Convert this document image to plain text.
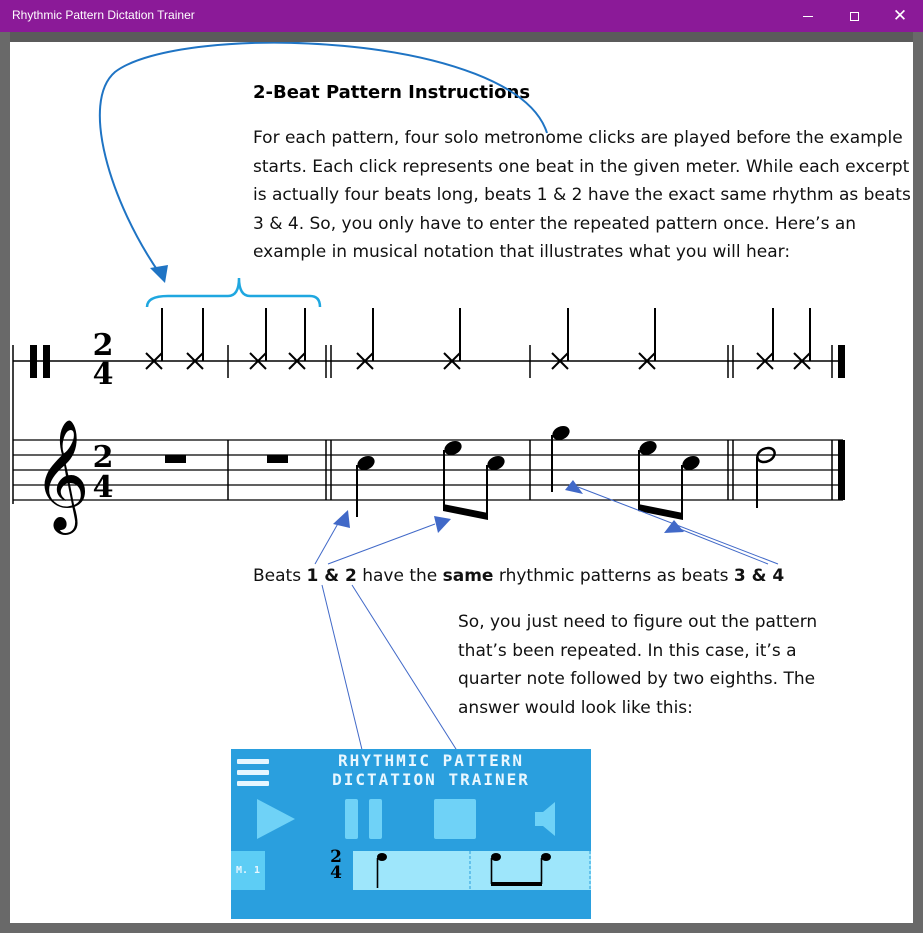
Rhythmic Pattern Dictation Trainer	✕
2-Beat Pattern Instructions
For each pattern, four solo metronome clicks are played before the example
starts. Each click represents one beat in the given meter. While each excerpt
is actually four beats long, beats 1 & 2 have the exact same rhythm as beats
3 & 4. So, you only have to enter the repeated pattern once. Here’s an
example in musical notation that illustrates what you will hear:
2
4
𝄞 2
4
Beats 1 & 2 have the same rhythmic patterns as beats 3 & 4
So, you just need to figure out the pattern
that’s been repeated. In this case, it’s a
quarter note followed by two eighths. The
answer would look like this:
RHYTHMIC PATTERN
DICTATION TRAINER
M. 1
2
4
